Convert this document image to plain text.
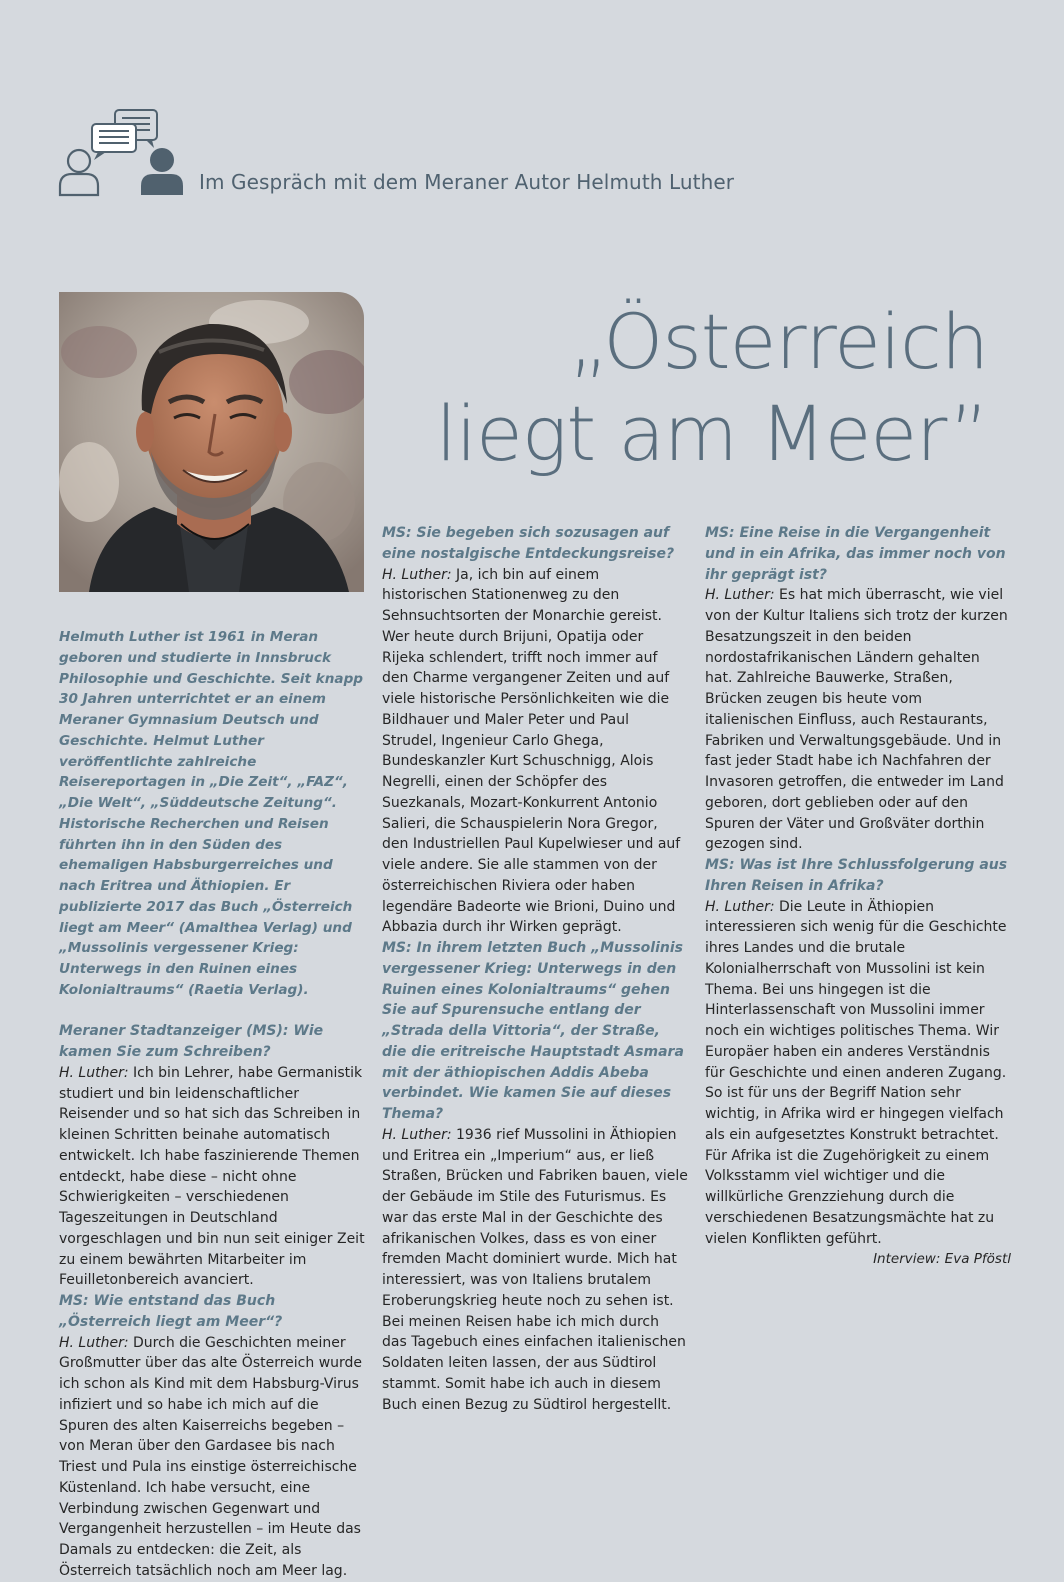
Im Gespräch mit dem Meraner Autor Helmuth Luther
„Österreich
liegt am Meer”

Helmuth Luther ist 1961 in Meran geboren und studierte in Innsbruck Philosophie und Geschichte. Seit knapp 30 Jahren unterrichtet er an einem Meraner Gymnasium Deutsch und Geschichte. Helmut Luther veröffentlichte zahlreiche Reisereportagen in „Die Zeit“, „FAZ“, „Die Welt“, „Süddeutsche Zeitung“. Historische Recherchen und Reisen führten ihn in den Süden des ehemaligen Habsburgerreiches und nach Eritrea und Äthiopien. Er publizierte 2017 das Buch „Österreich liegt am Meer“ (Amalthea Verlag) und „Mussolinis vergessener Krieg: Unterwegs in den Ruinen eines Kolonialtraums“ (Raetia Verlag).

Meraner Stadtanzeiger (MS): Wie kamen Sie zum Schreiben?

H. Luther: Ich bin Lehrer, habe Germanistik studiert und bin leidenschaftlicher Reisender und so hat sich das Schreiben in kleinen Schritten beinahe automatisch entwickelt. Ich habe faszinierende Themen entdeckt, habe diese – nicht ohne Schwierigkeiten – verschiedenen Tageszeitungen in Deutschland vorgeschlagen und bin nun seit einiger Zeit zu einem bewährten Mitarbeiter im Feuilletonbereich avanciert.

MS: Wie entstand das Buch „Österreich liegt am Meer“?

H. Luther: Durch die Geschichten meiner Großmutter über das alte Österreich wurde ich schon als Kind mit dem Habsburg-Virus infiziert und so habe ich mich auf die Spuren des alten Kaiserreichs begeben – von Meran über den Gardasee bis nach Triest und Pula ins einstige österreichische Küstenland. Ich habe versucht, eine Verbindung zwischen Gegenwart und Vergangenheit herzustellen – im Heute das Damals zu entdecken: die Zeit, als Österreich tatsächlich noch am Meer lag.

MS: Sie begeben sich sozusagen auf eine nostalgische Entdeckungsreise?

H. Luther: Ja, ich bin auf einem historischen Stationenweg zu den Sehnsuchtsorten der Monarchie gereist. Wer heute durch Brijuni, Opatija oder Rijeka schlendert, trifft noch immer auf den Charme vergangener Zeiten und auf viele historische Persönlichkeiten wie die Bildhauer und Maler Peter und Paul Strudel, Ingenieur Carlo Ghega, Bundeskanzler Kurt Schuschnigg, Alois Negrelli, einen der Schöpfer des Suezkanals, Mozart-Konkurrent Antonio Salieri, die Schauspielerin Nora Gregor, den Industriellen Paul Kupelwieser und auf viele andere. Sie alle stammen von der österreichischen Riviera oder haben legendäre Badeorte wie Brioni, Duino und Abbazia durch ihr Wirken geprägt.

MS: In ihrem letzten Buch „Mussolinis vergessener Krieg: Unterwegs in den Ruinen eines Kolonialtraums“ gehen Sie auf Spurensuche entlang der „Strada della Vittoria“, der Straße, die die eritreische Hauptstadt Asmara mit der äthiopischen Addis Abeba verbindet. Wie kamen Sie auf dieses Thema?

H. Luther: 1936 rief Mussolini in Äthiopien und Eritrea ein „Imperium“ aus, er ließ Straßen, Brücken und Fabriken bauen, viele der Gebäude im Stile des Futurismus. Es war das erste Mal in der Geschichte des afrikanischen Volkes, dass es von einer fremden Macht dominiert wurde. Mich hat interessiert, was von Italiens brutalem Eroberungskrieg heute noch zu sehen ist. Bei meinen Reisen habe ich mich durch das Tagebuch eines einfachen italienischen Soldaten leiten lassen, der aus Südtirol stammt. Somit habe ich auch in diesem Buch einen Bezug zu Südtirol hergestellt.

MS: Eine Reise in die Vergangenheit und in ein Afrika, das immer noch von ihr geprägt ist?

H. Luther: Es hat mich überrascht, wie viel von der Kultur Italiens sich trotz der kurzen Besatzungszeit in den beiden nordostafrikanischen Ländern gehalten hat. Zahlreiche Bauwerke, Straßen, Brücken zeugen bis heute vom italienischen Einfluss, auch Restaurants, Fabriken und Verwaltungsgebäude. Und in fast jeder Stadt habe ich Nachfahren der Invasoren getroffen, die entweder im Land geboren, dort geblieben oder auf den Spuren der Väter und Großväter dorthin gezogen sind.

MS: Was ist Ihre Schlussfolgerung aus Ihren Reisen in Afrika?

H. Luther: Die Leute in Äthiopien interessieren sich wenig für die Geschichte ihres Landes und die brutale Kolonialherrschaft von Mussolini ist kein Thema. Bei uns hingegen ist die Hinterlassenschaft von Mussolini immer noch ein wichtiges politisches Thema. Wir Europäer haben ein anderes Verständnis für Geschichte und einen anderen Zugang. So ist für uns der Begriff Nation sehr wichtig, in Afrika wird er hingegen vielfach als ein aufgesetztes Konstrukt betrachtet. Für Afrika ist die Zugehörigkeit zu einem Volksstamm viel wichtiger und die willkürliche Grenzziehung durch die verschiedenen Besatzungsmächte hat zu vielen Konflikten geführt.

Interview: Eva Pföstl
